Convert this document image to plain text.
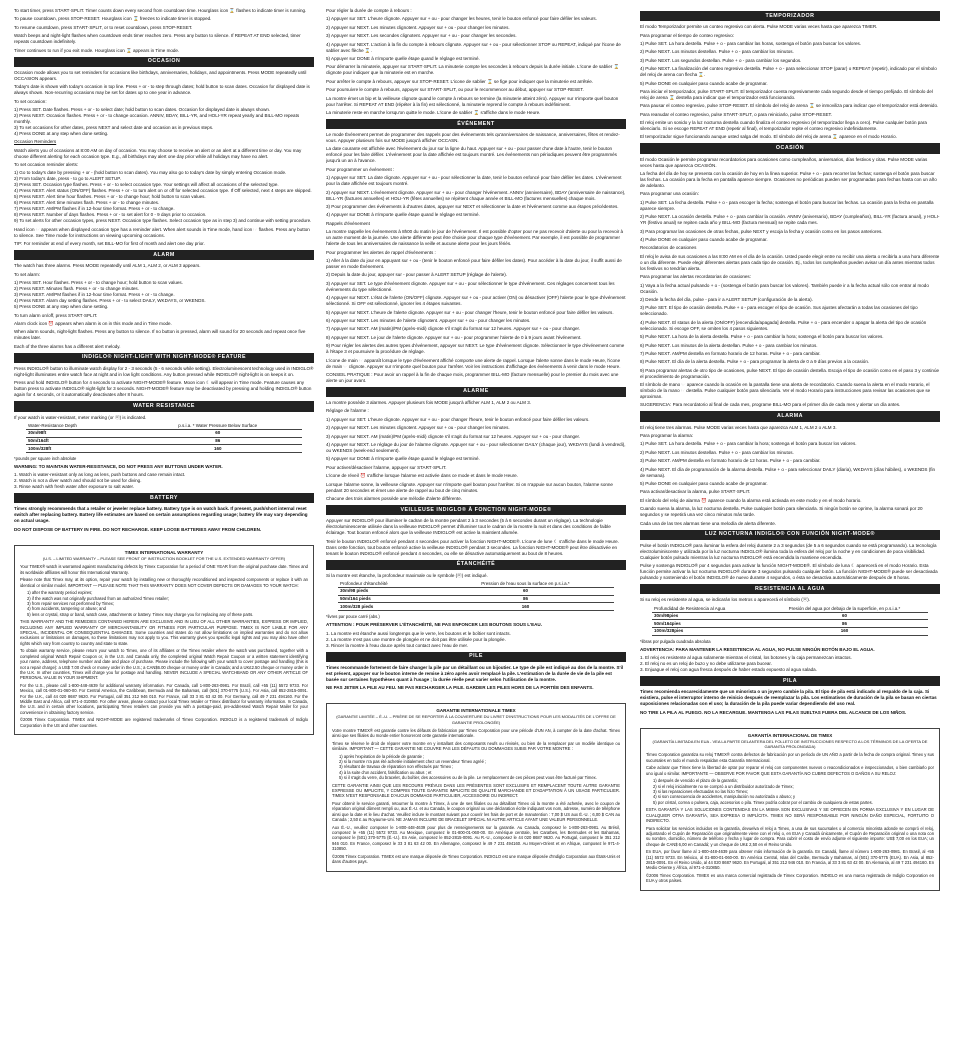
To start timer, press START·SPLIT. Timer counts down every second from countdown time. Hourglass icon ⌛ flashes to indicate timer is running.
To pause countdown, press STOP·RESET. Hourglass icon ⌛ freezes to indicate timer is stopped.
To resume countdown, press START·SPLIT, or to reset countdown, press STOP·RESET.
Watch beeps and night-light flashes when countdown ends timer reaches zero. Press any button to silence. If REPEAT AT END selected, timer repeats countdown indefinitely.
Timer continues to run if you exit mode. Hourglass icon ⌛ appears in Time mode.
OCCASION
Occasion mode allows you to set reminders for occasions like birthdays, anniversaries, holidays, and appointments. Press MODE repeatedly until OCCASION appears.
Today's date is shown with today's occasion in top line. Press + or - to step through dates; hold button to scan dates. Occasion for displayed date is always shown. Non-recurring occasions may be set for dates up to one year in advance.
To set occasion:
1) Press SET. Date flashes. Press + or - to select date; hold button to scan dates. Occasion for displayed date is always shown.
2) Press NEXT. Occasion flashes. Press + or - to change occasion. ANNIV, BDAY, BILL-YR, and HOLI-YR repeat yearly and BILL-MO repeats monthly.
3) To set occasions for other dates, press NEXT and select date and occasion as in previous steps.
4) Press DONE at any step when done setting.
Occasion Reminders
Watch alerts you of occasions at 8:00 AM on day of occasion. You may choose to receive an alert or an alert at a different time or day. You may choose different alerting for each occasion type. E.g., all birthdays may alert one day prior while all holidays may have no alert.
To set occasion reminder alerts:
1) Go to today's date by pressing + or - (hold button to scan dates). You may also go to today's date by simply entering Occasion mode.
2) From today's date, press - to go to ALERT SETUP.
3) Press SET. Occasion type flashes. Press + or - to select occasion type. Your settings will affect all occasions of the selected type.
4) Press NEXT. Alert status (ON/OFF) flashes. Press + or - to turn alert on or off for selected occasion type. If Off selected, next 4 steps are skipped.
5) Press NEXT. Alert time hour flashes. Press + or - to change hour; hold button to scan values.
6) Press NEXT. Alert time minutes flash. Press + or - to change minutes.
7) Press NEXT. AM/PM flashes if in 12-hour time format. Press + or - to change.
8) Press NEXT. Number of days flashes. Press + or - to set alert for 0 - 9 days prior to occasion.
9) To set alerts for other occasion types, press NEXT. Occasion type flashes. Select occasion type as in step 3) and continue with setting procedure.
Hand icon ☞ appears when displayed occasion type has a reminder alert. When alert sounds in Time mode, hand icon ☞ flashes. Press any button to silence. See Time mode for instructions on viewing upcoming occasions.
TIP: For reminder at end of every month, set BILL-MO for first of month and alert one day prior.
ALARM
The watch has three alarms. Press MODE repeatedly until ALM 1, ALM 2, or ALM 3 appears.
To set alarm:
1) Press SET. Hour flashes. Press + or - to change hour; hold button to scan values.
2) Press NEXT. Minutes flash. Press + or - to change minutes.
3) Press NEXT. AM/PM flashes if in 12-hour time format. Press + or - to change.
4) Press NEXT. Alarm day setting flashes. Press + or - to select DAILY, WKDAYS, or WKENDS.
5) Press DONE at any step when done setting.
To turn alarm on/off, press START·SPLIT.
Alarm clock icon ⏰ appears when alarm is on in this mode and in Time mode.
When alarm sounds, night-light flashes. Press any button to silence. If no button is pressed, alarm will sound for 20 seconds and repeat once five minutes later.
Each of the three alarms has a different alert melody.
INDIGLO® NIGHT-LIGHT WITH NIGHT-MODE® FEATURE
Press INDIGLO® button to illuminate watch display for 2 - 3 seconds (5 - 6 seconds while setting). Electroluminescent technology used in INDIGLO® night-light illuminates entire watch face at night and in low light conditions. Any button pressed while INDIGLO® night-light is on keeps it on.
Press and hold INDIGLO® button for 4 seconds to activate NIGHT-MODE® feature. Moon icon ☾ will appear in Time mode. Feature causes any button press to activate INDIGLO® night-light for 3 seconds. NIGHT-MODE® feature may be deactivated by pressing and holding INDIGLO® button again for 4 seconds, or it automatically deactivates after 8 hours.
WATER RESISTANCE
If your watch is water-resistant, meter marking (or ⓦ) is indicated.
Water-Resistance Depth	p.s.i.a. * Water Pressure Below Surface
30m/98ft	60
50m/164ft	86
100m/328ft	160
*pounds per square inch absolute
WARNING: TO MAINTAIN WATER-RESISTANCE, DO NOT PRESS ANY BUTTONS UNDER WATER.
1. Watch is water-resistant only as long as lens, push buttons and case remain intact.
2. Watch is not a diver watch and should not be used for diving.
3. Rinse watch with fresh water after exposure to salt water.
BATTERY
Timex strongly recommends that a retailer or jeweler replace battery. Battery type is on watch back. If present, push/short internal reset switch after replacing battery. Battery life estimates are based on certain assumptions regarding usage; battery life may vary depending on actual usage.
DO NOT DISPOSE OF BATTERY IN FIRE. DO NOT RECHARGE. KEEP LOOSE BATTERIES AWAY FROM CHILDREN.
TIMEX INTERNATIONAL WARRANTY
(U.S. – LIMITED WARRANTY – PLEASE SEE FRONT OF INSTRUCTION BOOKLET FOR THE U.S. EXTENDED WARRANTY OFFER)

Your TIMEX® watch is warranted against manufacturing defects by Timex Corporation for a period of ONE YEAR from the original purchase date. Timex and its worldwide affiliates will honor this International Warranty.

Please note that Timex may, at its option, repair your watch by installing new or thoroughly reconditioned and inspected components or replace it with an identical or similar model. IMPORTANT — PLEASE NOTE THAT THIS WARRANTY DOES NOT COVER DEFECTS OR DAMAGES TO YOUR WATCH:

1) after the warranty period expires;
2) if the watch was not originally purchased from an authorized Timex retailer;
3) from repair services not performed by Timex;
4) from accidents, tampering or abuse; and
5) lens or crystal, strap or band, watch case, attachments or battery. Timex may charge you for replacing any of these parts.

THIS WARRANTY AND THE REMEDIES CONTAINED HEREIN ARE EXCLUSIVE AND IN LIEU OF ALL OTHER WARRANTIES, EXPRESS OR IMPLIED, INCLUDING ANY IMPLIED WARRANTY OF MERCHANTABILITY OR FITNESS FOR PARTICULAR PURPOSE. TIMEX IS NOT LIABLE FOR ANY SPECIAL, INCIDENTAL OR CONSEQUENTIAL DAMAGES. Some countries and states do not allow limitations on implied warranties and do not allow exclusions or limitations on damages, so these limitations may not apply to you. This warranty gives you specific legal rights and you may also have other rights which vary from country to country and state to state.

To obtain warranty service, please return your watch to Timex, one of its affiliates or the Timex retailer where the watch was purchased, together with a completed original Watch Repair Coupon or, in the U.S. and Canada only, the completed original Watch Repair Coupon or a written statement identifying your name, address, telephone number and date and place of purchase. Please include the following with your watch to cover postage and handling (this is not a repair charge): a US$ 7.00 check or money order in the U.S.; a CAN$6.00 cheque or money order in Canada; and a UK£2.50 cheque or money order in the U.K. In other countries, Timex will charge you for postage and handling. NEVER INCLUDE A SPECIAL WATCHBAND OR ANY OTHER ARTICLE OF PERSONAL VALUE IN YOUR SHIPMENT.

For the U.S., please call 1-800-448-4639 for additional warranty information. For Canada, call 1-800-263-0981. For Brazil, call +55 (11) 5572 9733. For Mexico, call 01-800-01-060-00. For Central America, the Caribbean, Bermuda and the Bahamas, call (501) 370-5775 (U.S.). For Asia, call 852-2815-0091. For the U.K., call 44 020 8687 9620. For Portugal, call 351 212 946 010. For France, call 33 3 81 63 42 00. For Germany, call 49 7 231 494160. For the Middle East and Africa, call 971-4-310850. For other areas, please contact your local Timex retailer or Timex distributor for warranty information. In Canada, the U.S. and in certain other locations, participating Timex retailers can provide you with a postage-paid, pre-addressed Watch Repair Mailer for your convenience in obtaining factory service.

©2006 Timex Corporation. TIMEX and NIGHT-MODE are registered trademarks of Timex Corporation. INDIGLO is a registered trademark of Indiglo Corporation in the US and other countries.

Pour régler la durée de compte à rebours :
1) Appuyer sur SET. L'heure clignote. Appuyer sur + ou - pour changer les heures, tenir le bouton enfoncé pour faire défiler les valeurs.
2) Appuyer sur NEXT. Les minutes clignotent. Appuyer sur + ou - pour changer les minutes.
3) Appuyer sur NEXT. Les secondes clignotent. Appuyer sur + ou - pour changer les secondes.
4) Appuyer sur NEXT. L'action à la fin du compte à rebours clignote. Appuyer sur + ou - pour sélectionner STOP ou REPEAT, indiqué par l'icone de sablier avec flèche ⌛.
5) Appuyer sur DONE à n'importe quelle étape quand le réglage est terminé.
Pour démarrer la minuterie, appuyer sur START·SPLIT. La minuterie compte les secondes à rebours depuis la durée initiale. L'icone de sablier ⌛ clignote pour indiquer que la minuterie est en marche.
Pour arrêter le compte à rebours, appuyer sur STOP·RESET. L'icone de sablier ⌛ se fige pour indiquer que la minuterie est arrêtée.
Pour poursuivre le compte à rebours, appuyer sur START·SPLIT, ou pour le recommencer au début, appuyer sur STOP·RESET.
La montre émet un bip et la veilleuse clignote quand le compte à rebours se termine (la minuterie atteint zéro). Appuyer sur n'importe quel bouton pour l'arrêter. Si REPEAT AT END (répéter à la fin) est sélectionné, la minuterie reprend le compte à rebours indéfiniment.
La minuterie reste en marche lorsqu'on quitte le mode. L'icone de sablier ⌛ s'affiche dans le mode Heure.
ÉVÉNEMENT
Le mode Événement permet de programmer des rappels pour des événements tels qu'anniversaires de naissance, anniversaires, fêtes et rendez-vous. Appuyer plusieurs fois sur MODE jusqu'à afficher OCCASN.
La date courante est affichée avec l'événement du jour sur la ligne du haut. Appuyer sur + ou - pour passer d'une date à l'autre, tenir le bouton enfoncé pour les faire défiler. L'événement pour la date affichée est toujours montré. Les événements non périodiques peuvent être programmés jusqu'à un an à l'avance.
Pour programmer un événement :
1) Appuyer sur SET. La date clignote. Appuyer sur + ou - pour sélectionner la date, tenir le bouton enfoncé pour faire défiler les dates. L'événement pour la date affichée est toujours montré.
2) Appuyer sur NEXT. L'événement clignote. Appuyer sur + ou - pour changer l'événement. ANNIV (anniversaire), BDAY (anniversaire de naissance), BILL-YR (factures annuelles) et HOLI-YR (fêtes annuelles) se répètent chaque année et BILL-MO (factures mensuelles) chaque mois.
3) Pour programmer des événements à d'autres dates, appuyer sur NEXT et sélectionner la date et l'événement comme aux étapes précédentes.
4) Appuyer sur DONE à n'importe quelle étape quand le réglage est terminé.
Rappels d'événement
La montre rappelle les événements à 8h00 du matin le jour de l'événement. Il est possible d'opter pour ne pas recevoir d'alerte ou pour la recevoir à un autre moment de la journée. Une alerte différente peut être choisie pour chaque type d'événement. Par exemple, il est possible de programmer l'alerte de tous les anniversaires de naissance la veille et aucune alerte pour les jours fériés.
Pour programmer les alertes de rappel d'événements :
1) Aller à la date du jour en appuyant sur + ou - (tenir le bouton enfoncé pour faire défiler les dates). Pour accéder à la date du jour, il suffit aussi de passer en mode Événement.
2) Depuis la date du jour, appuyer sur - pour passer à ALERT SETUP (réglage de l'alerte).
3) Appuyer sur SET. Le type d'événement clignote. Appuyer sur + ou - pour sélectionner le type d'événement. Ces réglages concernent tous les événements du type sélectionné.
4) Appuyer sur NEXT. L'état de l'alerte (ON/OFF) clignote. Appuyer sur + ou - pour activer (ON) ou désactiver (OFF) l'alerte pour le type d'événement sélectionné. Si OFF est sélectionné, ignorer les 4 étapes suivantes.
5) Appuyer sur NEXT. L'heure de l'alerte clignote. Appuyer sur + ou - pour changer l'heure, tenir le bouton enfoncé pour faire défiler les valeurs.
6) Appuyer sur NEXT. Les minutes de l'alerte clignotent. Appuyer sur + ou - pour changer les minutes.
7) Appuyer sur NEXT. AM (matin)/PM (après-midi) clignote s'il s'agit du format sur 12 heures. Appuyer sur + ou - pour changer.
8) Appuyer sur NEXT. Le jour de l'alerte clignote. Appuyer sur + ou - pour programmer l'alerte de 0 à 9 jours avant l'événement.
9) Pour régler les alertes des autres types d'événement, appuyer sur NEXT. Le type d'événement clignote. Sélectionner le type d'événement comme à l'étape 3 et poursuivre la procédure de réglage.
L'icone de main ☞ apparaît lorsque le type d'événement affiché comporte une alerte de rappel. Lorsque l'alerte sonne dans le mode Heure, l'icone de main ☞ clignote. Appuyer sur n'importe quel bouton pour l'arrêter. Voir les instructions d'affichage des événements à venir dans le mode Heure.
CONSEIL PRATIQUE : Pour avoir un rappel à la fin de chaque mois, programmer BILL-MO (facture mensuelle) pour le premier du mois avec une alerte un jour avant.
ALARME
La montre possède 3 alarmes. Appuyer plusieurs fois MODE jusqu'à afficher ALM 1, ALM 2 ou ALM 3.
Réglage de l'alarme :
1) Appuyer sur SET. L'heure clignote. Appuyer sur + ou - pour changer l'heure, tenir le bouton enfoncé pour faire défiler les valeurs.
2) Appuyer sur NEXT. Les minutes clignotent. Appuyer sur + ou - pour changer les minutes.
3) Appuyer sur NEXT. AM (matin)/PM (après-midi) clignote s'il s'agit du format sur 12 heures. Appuyer sur + ou - pour changer.
4) Appuyer sur NEXT. Le réglage du jour de l'alarme clignote. Appuyer sur + ou - pour sélectionner DAILY (chaque jour), WKDAYS (lundi à vendredi), ou WKENDS (week-end seulement).
5) Appuyer sur DONE à n'importe quelle étape quand le réglage est terminé.
Pour activer/désactiver l'alarme, appuyer sur START·SPLIT.
L'icone de réveil ⏰ s'affiche lorsque l'alarme est activée dans ce mode et dans le mode Heure.
Lorsque l'alarme sonne, la veilleuse clignote. Appuyer sur n'importe quel bouton pour l'arrêter. Si on n'appuie sur aucun bouton, l'alarme sonne pendant 20 secondes et émet une alerte de rappel au bout de cinq minutes.
Chacune des trois alarmes possède une mélodie d'alerte différente.
VEILLEUSE INDIGLO® À FONCTION NIGHT-MODE®
Appuyer sur INDIGLO® pour illuminer le cadran de la montre pendant 2 à 3 secondes (5 à 6 secondes durant un réglage). La technologie électroluminescente utilisée dans la veilleuse INDIGLO® permet d'illuminer tout le cadran de la montre la nuit et dans des conditions de faible éclairage. Tout bouton enfoncé alors que la veilleuse INDIGLO® est active la maintient allumée.
Tenir le bouton INDIGLO® enfoncé pendant 4 secondes pour activer la fonction NIGHT-MODE®. L'icone de lune ☾ s'affiche dans le mode Heure. Dans cette fonction, tout bouton enfoncé active la veilleuse INDIGLO® pendant 3 secondes. La fonction NIGHT-MODE® peut être désactivée en tenant le bouton INDIGLO® enfoncé pendant 4 secondes, ou elle se désactive automatiquement au bout de 8 heures.
ÉTANCHÉITÉ
Si la montre est étanche, la profondeur maximale ou le symbole (ⓦ) est indiqué.
Profondeur d'étanchéité	Pression de l'eau sous la surface en p.s.i.a.*
30m/98 pieds	60
50m/164 pieds	86
100m/328 pieds	160
*livres par pouce carré (abs.)
ATTENTION : POUR PRÉSERVER L'ÉTANCHÉITÉ, NE PAS ENFONCER LES BOUTONS SOUS L'EAU.
1. La montre est étanche aussi longtemps que le verre, les boutons et le boîtier sont intacts.
2. La montre n'est pas une montre de plongée et ne doit pas être utilisée pour la plongée.
3. Rincer la montre à l'eau douce après tout contact avec l'eau de mer.
PILE
Timex recommande fortement de faire changer la pile par un détaillant ou un bijoutier. Le type de pile est indiqué au dos de la montre. S'il est présent, appuyer sur le bouton interne de remise à zéro après avoir remplacé la pile. L'estimation de la durée de vie de la pile est basée sur certaines hypothèses quant à l'usage ; la durée réelle peut varier selon l'utilisation de la montre.
NE PAS JETER LA PILE AU FEU. NE PAS RECHARGER LA PILE. GARDER LES PILES HORS DE LA PORTÉE DES ENFANTS.
GARANTIE INTERNATIONALE TIMEX
(GARANTIE LIMITÉE – É.-U. – PRIÈRE DE SE REPORTER À LA COUVERTURE DU LIVRET D'INSTRUCTIONS POUR LES MODALITÉS DE L'OFFRE DE GARANTIE PROLONGÉE)

Votre montre TIMEX® est garantie contre les défauts de fabrication par Timex Corporation pour une période d'UN AN, à compter de la date d'achat. Timex ainsi que ses filiales du monde entier honoreront cette garantie internationale.

Timex se réserve le droit de réparer votre montre en y installant des composants neufs ou révisés, ou bien de la remplacer par un modèle identique ou similaire. IMPORTANT — CETTE GARANTIE NE COUVRE PAS LES DÉFAUTS OU DOMMAGES SUBIS PAR VOTRE MONTRE :

1) après l'expiration de la période de garantie ;
2) si la montre n'a pas été achetée initialement chez un revendeur Timex agréé ;
3) résultant de travaux de réparation non effectués par Timex ;
4) à la suite d'un accident, falsification ou abus ; et
5) si il s'agit du verre, du bracelet, du boîtier, des accessoires ou de la pile. Le remplacement de ces pièces peut vous être facturé par Timex.

CETTE GARANTIE AINSI QUE LES RECOURS PRÉVUS DANS LES PRÉSENTES SONT EXCLUSIFS ET REMPLACENT TOUTE AUTRE GARANTIE EXPRESSE OU IMPLICITE, Y COMPRIS TOUTE GARANTIE IMPLICITE DE QUALITÉ MARCHANDE ET D'ADAPTATION À UN USAGE PARTICULIER. TIMEX N'EST RESPONSABLE D'AUCUN DOMMAGE PARTICULIER, ACCESSOIRE OU INDIRECT.

Pour obtenir le service garanti, retourner la montre à Timex, à une de ses filiales ou au détaillant Timex où la montre a été achetée, avec le coupon de réparation original dûment rempli ou, aux É.-U. et au Canada, le coupon original ou une déclaration écrite indiquant vos nom, adresse, numéro de téléphone ainsi que la date et le lieu d'achat. Veuillez inclure le montant suivant pour couvrir les frais de port et de manutention : 7,00 $ US aux É.-U. ; 6,00 $ CAN au Canada ; 2,50 £ au Royaume-Uni. NE JAMAIS INCLURE DE BRACELET SPÉCIAL NI AUTRE ARTICLE AYANT UNE VALEUR PERSONNELLE.

Aux É.-U., veuillez composer le 1-800-448-4639 pour plus de renseignements sur la garantie. Au Canada, composez le 1-800-263-0981. Au Brésil, composez le +55 (11) 5572 9733. Au Mexique, composez le 01-800-01-060-00. En Amérique centrale, les Caraïbes, les Bermudes et les Bahamas, composez le (501) 370-5775 (É.-U.). En Asie, composez le 852-2815-0091. Au R.-U., composez le 44 020 8687 9620. Au Portugal, composez le 351 212 946 010. En France, composez le 33 3 81 63 42 00. En Allemagne, composez le 49 7 231 494160. Au Moyen-Orient et en Afrique, composez le 971-4-310850.

©2006 Timex Corporation. TIMEX est une marque déposée de Timex Corporation. INDIGLO est une marque déposée d'Indiglo Corporation aux États-Unis et dans d'autres pays.

TEMPORIZADOR
El modo Temporizador permite un conteo regresivo con alerta. Pulse MODE varias veces hasta que aparezca TIMER.
Para programar el tiempo de conteo regresivo:
1) Pulse SET. La hora destella. Pulse + o - para cambiar las horas, sostenga el botón para buscar los valores.
2) Pulse NEXT. Los minutos destellan. Pulse + o - para cambiar los minutos.
3) Pulse NEXT. Los segundos destellan. Pulse + o - para cambiar los segundos.
4) Pulse NEXT. La finalización del conteo regresivo destella. Pulse + o - para seleccionar STOP (parar) o REPEAT (repetir), indicado por el símbolo del reloj de arena con flecha ⌛.
5) Pulse DONE en cualquier paso cuando acabe de programar.
Para iniciar el temporizador, pulse START·SPLIT. El temporizador cuenta regresivamente cada segundo desde el tiempo prefijado. El símbolo del reloj de arena ⌛ destella para indicar que el temporizador está funcionando.
Para pausar el conteo regresivo, pulse STOP·RESET. El símbolo del reloj de arena ⌛ se inmoviliza para indicar que el temporizador está detenido.
Para reanudar el conteo regresivo, pulse START·SPLIT, o para reiniciarlo, pulse STOP·RESET.
El reloj emite un sonido y la luz nocturna destella cuando finaliza el conteo regresivo (el temporizador llega a cero). Pulse cualquier botón para silenciarlo. Si se escoge REPEAT AT END (repetir al final), el temporizador repite el conteo regresivo indefinidamente.
El temporizador sigue funcionando aunque usted salga del modo. El símbolo del reloj de arena ⌛ aparece en el modo Horario.
OCASIÓN
El modo Ocasión le permite programar recordatorios para ocasiones como cumpleaños, aniversarios, días festivos y citas. Pulse MODE varias veces hasta que aparezca OCASIÓN.
La fecha del día de hoy se presenta con la ocasión de hoy en la línea superior. Pulse + o - para recorrer las fechas; sostenga el botón para buscar las fechas. La ocasión para la fecha en pantalla aparece siempre. Ocasiones no periódicas pueden ser programadas para fechas hasta con un año de adelanto.
Para programar una ocasión:
1) Pulse SET. La fecha destella. Pulse + o - para escoger la fecha; sostenga el botón para buscar las fechas. La ocasión para la fecha en pantalla aparece siempre.
2) Pulse NEXT. La ocasión destella. Pulse + o - para cambiar la ocasión. ANNIV (aniversario), BDAY (cumpleaños), BILL-YR (factura anual), y HOLI-YR (festivo anual) se repiten cada año y BILL-MO (factura mensual) se repite cada mes.
3) Para programar las ocasiones de otras fechas, pulse NEXT y escoja la fecha y ocasión como en los pasos anteriores.
4) Pulse DONE en cualquier paso cuando acabe de programar.
Recordatorios de ocasiones
El reloj le avisa de sus ocasiones a las 8:00 AM en el día de la ocasión. Usted puede elegir entre no recibir una alerta o recibirla a una hora diferente o un día diferente. Puede elegir diferentes alertas para cada tipo de ocasión. Ej., todos los cumpleaños pueden avisar un día antes mientras todos los festivos no tendrían alerta.
Para programar las alertas recordatorias de ocasiones:
1) Vaya a la fecha actual pulsando + o - (sostenga el botón para buscar los valores). También puede ir a la fecha actual sólo con entrar al modo Ocasión.
2) Desde la fecha del día, pulse - para ir a ALERT SETUP (configuración de la alerta).
3) Pulse SET. El tipo de ocasión destella. Pulse + o - para escoger el tipo de ocasión. Sus ajustes afectarán a todas las ocasiones del tipo seleccionado.
4) Pulse NEXT. El status de la alerta (ON/OFF) [encendida/apagada] destella. Pulse + o - para encender o apagar la alerta del tipo de ocasión seleccionado. Si escoge OFF, se omiten los 4 pasos siguientes.
5) Pulse NEXT. La hora de la alerta destella. Pulse + o - para cambiar la hora; sostenga el botón para buscar los valores.
6) Pulse NEXT. Los minutos de la alerta destellan. Pulse + o - para cambiar los minutos.
7) Pulse NEXT. AM/PM destella en formato horario de 12 horas. Pulse + o - para cambiar.
8) Pulse NEXT. El día de la alerta destella. Pulse + o - para programar la alerta de 0 a 9 días previos a la ocasión.
9) Para programar alertas de otro tipo de ocasiones, pulse NEXT. El tipo de ocasión destella. Escoja el tipo de ocasión como en el paso 3 y continúe el procedimiento de programación.
El símbolo de mano ☞ aparece cuando la ocasión en la pantalla tiene una alerta de recordatorio. Cuando suena la alerta en el modo Horario, el símbolo de la mano ☞ destella. Pulse cualquier botón para silenciarla. Ver el modo Horario para instrucciones para revisar las ocasiones que se aproximan.
SUGERENCIA: Para recordatorio al final de cada mes, programe BILL-MO para el primer día de cada mes y alertar un día antes.
ALARMA
El reloj tiene tres alarmas. Pulse MODE varias veces hasta que aparezca ALM 1, ALM 2 o ALM 3.
Para programar la alarma:
1) Pulse SET. La hora destella. Pulse + o - para cambiar la hora; sostenga el botón para buscar los valores.
2) Pulse NEXT. Los minutos destellan. Pulse + o - para cambiar los minutos.
3) Pulse NEXT. AM/PM destella en formato horario de 12 horas. Pulse + o - para cambiar.
4) Pulse NEXT. El día de programación de la alarma destella. Pulse + o - para seleccionar DAILY (diaria), WKDAYS (días hábiles), o WKENDS (fin de semana).
5) Pulse DONE en cualquier paso cuando acabe de programar.
Para activar/desactivar la alarma, pulse START·SPLIT.
El símbolo del reloj de alarma ⏰ aparece cuando la alarma está activada en este modo y en el modo horario.
Cuando suena la alarma, la luz nocturna destella. Pulse cualquier botón para silenciarla. Si ningún botón se oprime, la alarma sonará por 20 segundos y se repetirá una vez cinco minutos más tarde.
Cada una de las tres alarmas tiene una melodía de alerta diferente.
LUZ NOCTURNA INDIGLO® CON FUNCIÓN NIGHT-MODE®
Pulse el botón INDIGLO® para iluminar la esfera del reloj durante 2 a 3 segundos (de 5 a 6 segundos cuando se está programando). La tecnología electroluminiscente y utilizada por la luz nocturna INDIGLO® ilumina toda la esfera del reloj por la noche y en condiciones de poca visibilidad. Cualquier botón pulsado mientras la luz nocturna INDIGLO® está encendida la mantiene encendida.
Pulse y sostenga INDIGLO® por 4 segundos para activar la función NIGHT-MODE®. El símbolo de luna ☾ aparecerá en el modo Horario. Esta función permite activar la luz nocturna INDIGLO® durante 3 segundos pulsando cualquier botón. La función NIGHT-MODE® puede ser desactivada pulsando y sosteniendo el botón INDIGLO® de nuevo durante 4 segundos, o ésta se desactiva automáticamente después de 8 horas.
RESISTENCIA AL AGUA
Si su reloj es resistente al agua, se indicarán los metros o aparecerá el símbolo (ⓦ).
Profundidad de Resistencia al Agua	Presión del agua por debajo de la superficie, en p.s.i.a.*
30m/98pies	60
50m/164pies	86
100m/328pies	160
*libras por pulgada cuadrada absoluta
ADVERTENCIA: PARA MANTENER LA RESISTENCIA AL AGUA, NO PULSE NINGÚN BOTÓN BAJO EL AGUA.
1. El reloj es resistente al agua solamente mientras el cristal, los botones y la caja permanezcan intactos.
2. El reloj no es un reloj de buzo y no debe utilizarse para bucear.
3. Enjuague el reloj con agua fresca después de haber estado expuesto al agua salada.
PILA
Timex recomienda encarecidamente que un minorista o un joyero cambie la pila. El tipo de pila está indicado al respaldo de la caja. Si existiera, pulse el interruptor interno de reinicio después de reemplazar la pila. Los estimativos de duración de la pila se basan en ciertas suposiciones relacionadas con el uso; la duración de la pila puede variar dependiendo del uso real.
NO TIRE LA PILA AL FUEGO. NO LA RECARGUE. MANTENGA LAS PILAS SUELTAS FUERA DEL ALCANCE DE LOS NIÑOS.
GARANTÍA INTERNACIONAL DE TIMEX
(GARANTÍA LIMITADA EN EUA - VEA LA PARTE DELANTERA DEL FOLLETO DE INSTRUCCIONES RESPECTO A LOS TÉRMINOS DE LA OFERTA DE GARANTÍA PROLONGADA)

Timex Corporation garantiza su reloj TIMEX® contra defectos de fabricación por un período de UN AÑO a partir de la fecha de compra original. Timex y sus sucursales en todo el mundo respaldan esta Garantía Internacional.

Cabe aclarar que Timex tiene la libertad de optar por reparar el reloj con componentes nuevos o reacondicionados e inspeccionados, o bien cambiarlo por uno igual o similar. IMPORTANTE — OBSERVE POR FAVOR QUE ESTA GARANTÍA NO CUBRE DEFECTOS O DAÑOS A SU RELOJ:

1) después de vencido el plazo de la garantía;
2) si el reloj inicialmente no se compró a un distribuidor autorizado de Timex;
3) si las reparaciones efectuadas no las hizo Timex;
4) si son consecuencia de accidentes, manipulación no autorizada o abuso; y
5) por cristal, correa o pulsera, caja, accesorios o pila. Timex podría cobrar por el cambio de cualquiera de estas partes.

ESTA GARANTÍA Y LAS SOLUCIONES CONTENIDAS EN LA MISMA SON EXCLUSIVAS Y SE OFRECEN EN FORMA EXCLUSIVA Y EN LUGAR DE CUALQUIER OTRA GARANTÍA, SEA EXPRESA O IMPLÍCITA. TIMEX NO SERÁ RESPONSABLE POR NINGÚN DAÑO ESPECIAL, FORTUITO O INDIRECTO.

Para solicitar los servicios incluidos en la garantía, devuelva el reloj a Timex, a una de sus sucursales o al comercio minorista adonde se compró el reloj, adjuntando el Cupón de Reparación que originalmente viene con el reloj o, en EUA y Canadá únicamente, el Cupón de Reparación original o una nota con su nombre, domicilio, número de teléfono y fecha y lugar de compra. Para cubrir el costo de envío adjunte el siguiente importe: US$ 7,00 en los EUA; un cheque de CAN$ 6,00 en Canadá; y un cheque de UK£ 2,50 en el Reino Unido.

En EUA, por favor llame al 1-800-448-4639 para obtener más información de la garantía. En Canadá, llame al número 1-800-263-0981. En Brasil, al +55 (11) 5572 9733. En México, al 01-800-01-060-00. En América Central, Islas del Caribe, Bermuda y Bahamas, al (501) 370-5775 (EUA). En Asia, al 852-2815-0091. En el Reino Unido, al 44 020 8687 9620. En Portugal, al 351 212 946 010. En Francia, al 33 3 81 63 42 00. En Alemania, al 49 7 231 494160. En Medio Oriente y África, al 971-4-310850.

©2006 Timex Corporation. TIMEX es una marca comercial registrada de Timex Corporation. INDIGLO es una marca registrada de Indiglo Corporation en EUA y otros países.
